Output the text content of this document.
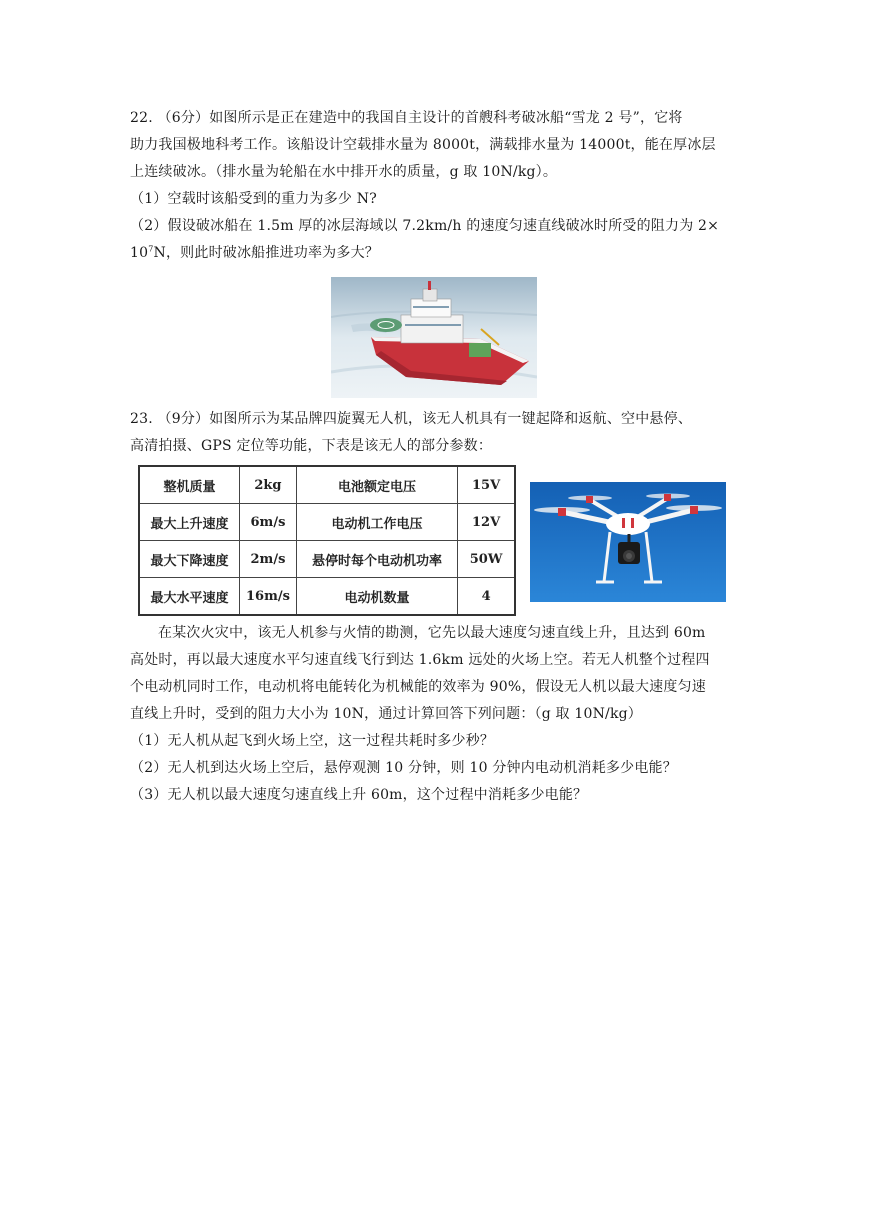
22. （6分）如图所示是正在建造中的我国自主设计的首艘科考破冰船“雪龙 2 号”，它将
助力我国极地科考工作。该船设计空载排水量为 8000t，满载排水量为 14000t，能在厚冰层
上连续破冰。（排水量为轮船在水中排开水的质量，g 取 10N/kg）。
（1）空载时该船受到的重力为多少 N?
（2）假设破冰船在 1.5m 厚的冰层海域以 7.2km/h 的速度匀速直线破冰时所受的阻力为 2×
$10^7N$，则此时破冰船推进功率为多大？
23. （9分）如图所示为某品牌四旋翼无人机，该无人机具有一键起降和返航、空中悬停、
高清拍摄、GPS 定位等功能，下表是该无人的部分参数：
整机质量	2kg	电池额定电压	15V
最大上升速度	6m/s	电动机工作电压	12V
最大下降速度	2m/s	悬停时每个电动机功率	50W
最大水平速度	16m/s	电动机数量	4
在某次火灾中，该无人机参与火情的勘测，它先以最大速度匀速直线上升，且达到 60m
高处时，再以最大速度水平匀速直线飞行到达 1.6km 远处的火场上空。若无人机整个过程四
个电动机同时工作，电动机将电能转化为机械能的效率为 90%，假设无人机以最大速度匀速
直线上升时，受到的阻力大小为 10N，通过计算回答下列问题：（g 取 10N/kg）
（1）无人机从起飞到火场上空，这一过程共耗时多少秒？
（2）无人机到达火场上空后，悬停观测 10 分钟，则 10 分钟内电动机消耗多少电能？
（3）无人机以最大速度匀速直线上升 60m，这个过程中消耗多少电能？
